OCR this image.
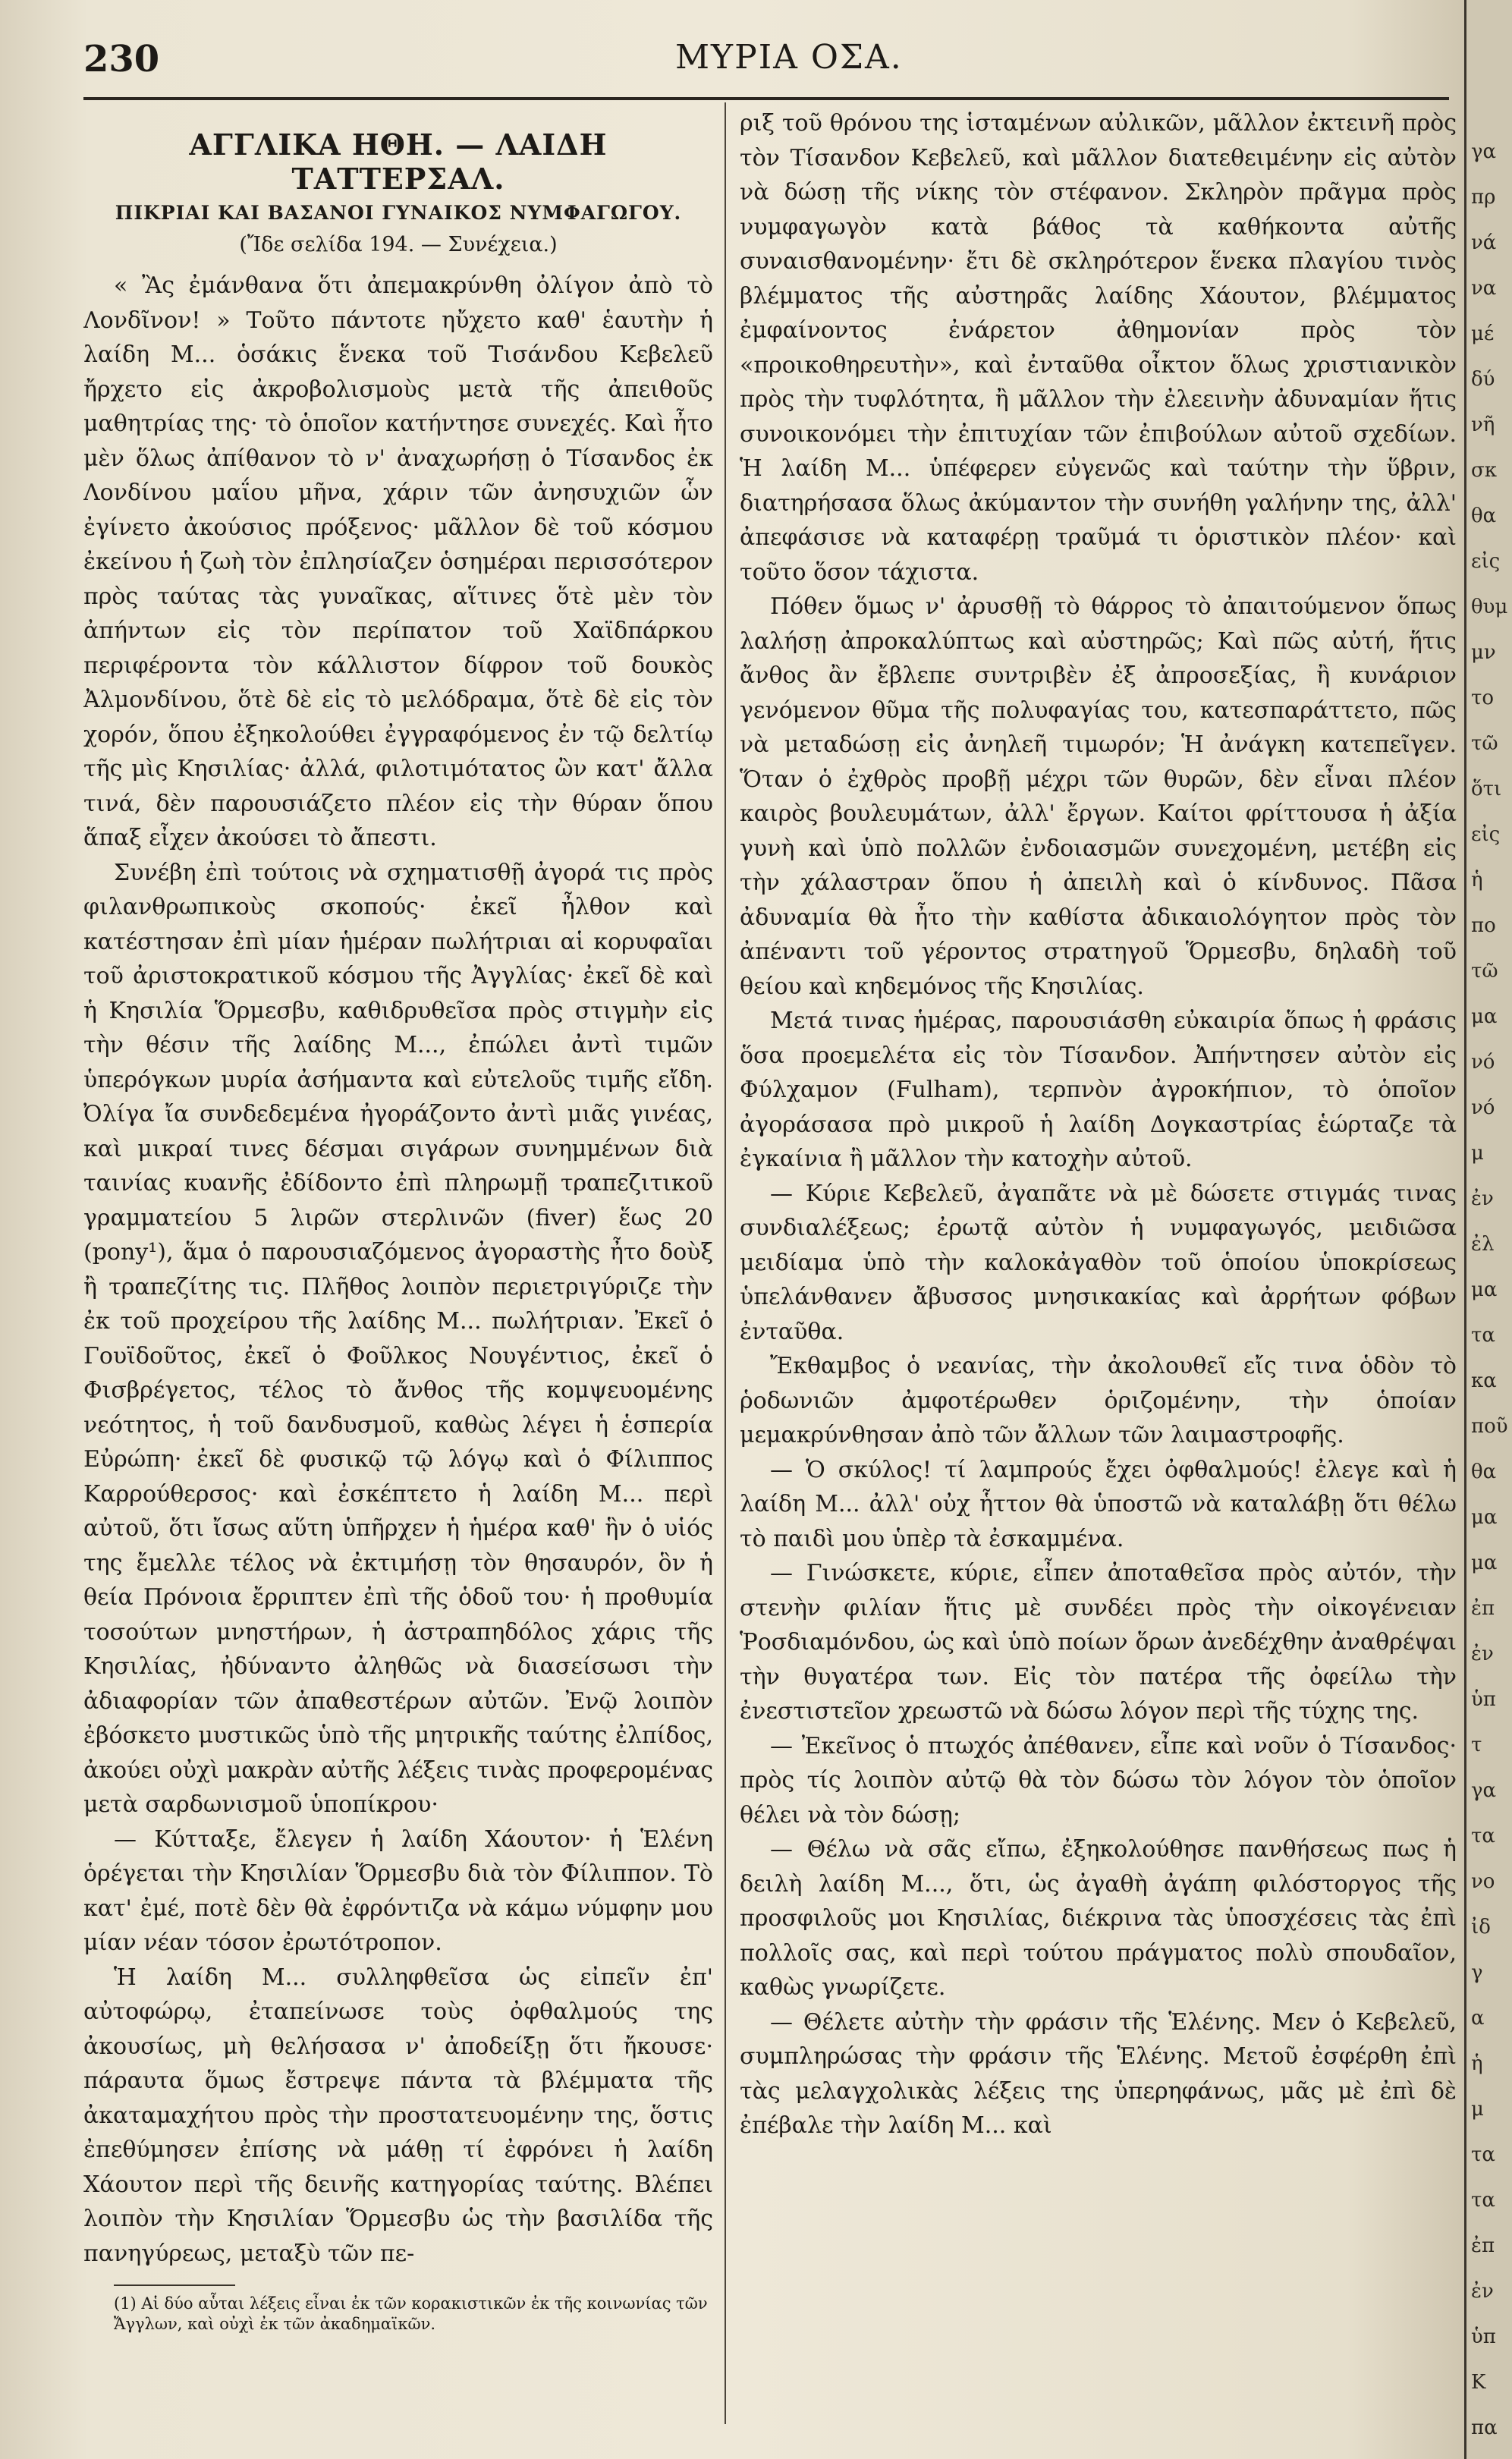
230	ΜΥΡΙΑ ΟΣΑ.
ΑΓΓΛΙΚΑ ΗΘΗ. — ΛΑΙΔΗ ΤΑΤΤΕΡΣΑΛ.
ΠΙΚΡΙΑΙ ΚΑΙ ΒΑΣΑΝΟΙ ΓΥΝΑΙΚΟΣ ΝΥΜΦΑΓΩΓΟΥ.
(Ἴδε σελίδα 194. — Συνέχεια.)

« Ἂς ἐμάνθανα ὅτι ἀπεμακρύνθη ὀλίγον ἀπὸ τὸ Λονδῖνον! » Τοῦτο πάντοτε ηὔχετο καθ' ἑαυτὴν ἡ λαίδη Μ... ὁσάκις ἕνεκα τοῦ Τισάνδου Κεβελεῦ ἤρχετο εἰς ἀκροβολισμοὺς μετὰ τῆς ἀπειθοῦς μαθητρίας της· τὸ ὁποῖον κατήντησε συνεχές. Καὶ ἦτο μὲν ὅλως ἀπίθανον τὸ ν' ἀναχωρήσῃ ὁ Τίσανδος ἐκ Λονδίνου μαΐου μῆνα, χάριν τῶν ἀνησυχιῶν ὧν ἐγίνετο ἀκούσιος πρόξενος· μᾶλλον δὲ τοῦ κόσμου ἐκείνου ἡ ζωὴ τὸν ἐπλησίαζεν ὁσημέραι περισσότερον πρὸς ταύτας τὰς γυναῖκας, αἵτινες ὅτὲ μὲν τὸν ἀπήντων εἰς τὸν περίπατον τοῦ Χαϊδπάρκου περιφέροντα τὸν κάλλιστον δίφρον τοῦ δουκὸς Ἀλμονδίνου, ὅτὲ δὲ εἰς τὸ μελόδραμα, ὅτὲ δὲ εἰς τὸν χορόν, ὅπου ἐξηκολούθει ἐγγραφόμενος ἐν τῷ δελτίῳ τῆς μὶς Κησιλίας· ἀλλά, φιλοτιμότατος ὢν κατ' ἄλλα τινά, δὲν παρουσιάζετο πλέον εἰς τὴν θύραν ὅπου ἅπαξ εἶχεν ἀκούσει τὸ ἄπεστι.

Συνέβη ἐπὶ τούτοις νὰ σχηματισθῇ ἀγορά τις πρὸς φιλανθρωπικοὺς σκοπούς· ἐκεῖ ἦλθον καὶ κατέστησαν ἐπὶ μίαν ἡμέραν πωλήτριαι αἱ κορυφαῖαι τοῦ ἀριστοκρατικοῦ κόσμου τῆς Ἀγγλίας· ἐκεῖ δὲ καὶ ἡ Κησιλία Ὅρμεσβυ, καθιδρυθεῖσα πρὸς στιγμὴν εἰς τὴν θέσιν τῆς λαίδης Μ..., ἐπώλει ἀντὶ τιμῶν ὑπερόγκων μυρία ἀσήμαντα καὶ εὐτελοῦς τιμῆς εἴδη. Ὀλίγα ἴα συνδεδεμένα ἠγοράζοντο ἀντὶ μιᾶς γινέας, καὶ μικραί τινες δέσμαι σιγάρων συνημμένων διὰ ταινίας κυανῆς ἐδίδοντο ἐπὶ πληρωμῇ τραπεζιτικοῦ γραμματείου 5 λιρῶν στερλινῶν (fiver) ἕως 20 (pony¹), ἅμα ὁ παρουσιαζόμενος ἀγοραστὴς ἦτο δοὺξ ἢ τραπεζίτης τις. Πλῆθος λοιπὸν περιετριγύριζε τὴν ἐκ τοῦ προχείρου τῆς λαίδης Μ... πωλήτριαν. Ἐκεῖ ὁ Γουϊδοῦτος, ἐκεῖ ὁ Φοῦλκος Νουγέντιος, ἐκεῖ ὁ Φισβρέγετος, τέλος τὸ ἄνθος τῆς κομψευομένης νεότητος, ἡ τοῦ δανδυσμοῦ, καθὼς λέγει ἡ ἑσπερία Εὐρώπη· ἐκεῖ δὲ φυσικῷ τῷ λόγῳ καὶ ὁ Φίλιππος Καρρούθερσος· καὶ ἐσκέπτετο ἡ λαίδη Μ... περὶ αὐτοῦ, ὅτι ἴσως αὕτη ὑπῆρχεν ἡ ἡμέρα καθ' ἣν ὁ υἱός της ἔμελλε τέλος νὰ ἐκτιμήσῃ τὸν θησαυρόν, ὃν ἡ θεία Πρόνοια ἔρριπτεν ἐπὶ τῆς ὁδοῦ του· ἡ προθυμία τοσούτων μνηστήρων, ἡ ἀστραπηδόλος χάρις τῆς Κησιλίας, ἠδύναντο ἀληθῶς νὰ διασείσωσι τὴν ἀδιαφορίαν τῶν ἀπαθεστέρων αὐτῶν. Ἐνῷ λοιπὸν ἐβόσκετο μυστικῶς ὑπὸ τῆς μητρικῆς ταύτης ἐλπίδος, ἀκούει οὐχὶ μακρὰν αὐτῆς λέξεις τινὰς προφερομένας μετὰ σαρδωνισμοῦ ὑποπίκρου·

— Κύτταξε, ἔλεγεν ἡ λαίδη Χάουτον· ἡ Ἑλένη ὁρέγεται τὴν Κησιλίαν Ὅρμεσβυ διὰ τὸν Φίλιππον. Τὸ κατ' ἐμέ, ποτὲ δὲν θὰ ἐφρόντιζα νὰ κάμω νύμφην μου μίαν νέαν τόσον ἐρωτότροπον.

Ἡ λαίδη Μ... συλληφθεῖσα ὡς εἰπεῖν ἐπ' αὐτοφώρῳ, ἐταπείνωσε τοὺς ὀφθαλμούς της ἀκουσίως, μὴ θελήσασα ν' ἀποδείξῃ ὅτι ἤκουσε· πάραυτα ὅμως ἔστρεψε πάντα τὰ βλέμματα τῆς ἀκαταμαχήτου πρὸς τὴν προστατευομένην της, ὅστις ἐπεθύμησεν ἐπίσης νὰ μάθῃ τί ἐφρόνει ἡ λαίδη Χάουτον περὶ τῆς δεινῆς κατηγορίας ταύτης. Βλέπει λοιπὸν τὴν Κησιλίαν Ὅρμεσβυ ὡς τὴν βασιλίδα τῆς πανηγύρεως, μεταξὺ τῶν πε-

(1) Αἱ δύο αὗται λέξεις εἶναι ἐκ τῶν κορακιστικῶν ἐκ τῆς κοινωνίας τῶν Ἄγγλων, καὶ οὐχὶ ἐκ τῶν ἀκαδημαϊκῶν.

ριξ τοῦ θρόνου της ἱσταμένων αὐλικῶν, μᾶλλον ἐκτεινῆ πρὸς τὸν Τίσανδον Κεβελεῦ, καὶ μᾶλλον διατεθειμένην εἰς αὐτὸν νὰ δώσῃ τῆς νίκης τὸν στέφανον. Σκληρὸν πρᾶγμα πρὸς νυμφαγωγὸν κατὰ βάθος τὰ καθήκοντα αὐτῆς συναισθανομένην· ἔτι δὲ σκληρότερον ἕνεκα πλαγίου τινὸς βλέμματος τῆς αὐστηρᾶς λαίδης Χάουτον, βλέμματος ἐμφαίνοντος ἐνάρετον ἀθημονίαν πρὸς τὸν «προικοθηρευτὴν», καὶ ἐνταῦθα οἶκτον ὅλως χριστιανικὸν πρὸς τὴν τυφλότητα, ἢ μᾶλλον τὴν ἐλεεινὴν ἀδυναμίαν ἥτις συνοικονόμει τὴν ἐπιτυχίαν τῶν ἐπιβούλων αὐτοῦ σχεδίων. Ἡ λαίδη Μ... ὑπέφερεν εὐγενῶς καὶ ταύτην τὴν ὕβριν, διατηρήσασα ὅλως ἀκύμαντον τὴν συνήθη γαλήνην της, ἀλλ' ἀπεφάσισε νὰ καταφέρῃ τραῦμά τι ὁριστικὸν πλέον· καὶ τοῦτο ὅσον τάχιστα.

Πόθεν ὅμως ν' ἀρυσθῇ τὸ θάρρος τὸ ἀπαιτούμενον ὅπως λαλήσῃ ἀπροκαλύπτως καὶ αὐστηρῶς; Καὶ πῶς αὐτή, ἥτις ἄνθος ἂν ἔβλεπε συντριβὲν ἐξ ἀπροσεξίας, ἢ κυνάριον γενόμενον θῦμα τῆς πολυφαγίας του, κατεσπαράττετο, πῶς νὰ μεταδώσῃ εἰς ἀνηλεῆ τιμωρόν; Ἡ ἀνάγκη κατεπεῖγεν. Ὅταν ὁ ἐχθρὸς προβῇ μέχρι τῶν θυρῶν, δὲν εἶναι πλέον καιρὸς βουλευμάτων, ἀλλ' ἔργων. Καίτοι φρίττουσα ἡ ἀξία γυνὴ καὶ ὑπὸ πολλῶν ἐνδοιασμῶν συνεχομένη, μετέβη εἰς τὴν χάλαστραν ὅπου ἡ ἀπειλὴ καὶ ὁ κίνδυνος. Πᾶσα ἀδυναμία θὰ ἦτο τὴν καθίστα ἀδικαιολόγητον πρὸς τὸν ἀπέναντι τοῦ γέροντος στρατηγοῦ Ὅρμεσβυ, δηλαδὴ τοῦ θείου καὶ κηδεμόνος τῆς Κησιλίας.

Μετά τινας ἡμέρας, παρουσιάσθη εὐκαιρία ὅπως ἡ φράσις ὅσα προεμελέτα εἰς τὸν Τίσανδον. Ἀπήντησεν αὐτὸν εἰς Φύλχαμον (Fulham), τερπνὸν ἀγροκήπιον, τὸ ὁποῖον ἀγοράσασα πρὸ μικροῦ ἡ λαίδη Δογκαστρίας ἑώρταζε τὰ ἐγκαίνια ἢ μᾶλλον τὴν κατοχὴν αὐτοῦ.

— Κύριε Κεβελεῦ, ἀγαπᾶτε νὰ μὲ δώσετε στιγμάς τινας συνδιαλέξεως; ἐρωτᾷ αὐτὸν ἡ νυμφαγωγός, μειδιῶσα μειδίαμα ὑπὸ τὴν καλοκἀγαθὸν τοῦ ὁποίου ὑποκρίσεως ὑπελάνθανεν ἄβυσσος μνησικακίας καὶ ἀρρήτων φόβων ἐνταῦθα.

Ἔκθαμβος ὁ νεανίας, τὴν ἀκολουθεῖ εἴς τινα ὁδὸν τὸ ῥοδωνιῶν ἀμφοτέρωθεν ὁριζομένην, τὴν ὁποίαν μεμακρύνθησαν ἀπὸ τῶν ἄλλων τῶν λαιμαστροφῆς.

— Ὁ σκύλος! τί λαμπρούς ἔχει ὀφθαλμούς! ἐλεγε καὶ ἡ λαίδη Μ... ἀλλ' οὐχ ἧττον θὰ ὑποστῶ νὰ καταλάβῃ ὅτι θέλω τὸ παιδὶ μου ὑπὲρ τὰ ἐσκαμμένα.

— Γινώσκετε, κύριε, εἶπεν ἀποταθεῖσα πρὸς αὐτόν, τὴν στενὴν φιλίαν ἥτις μὲ συνδέει πρὸς τὴν οἰκογένειαν Ῥοσδιαμόνδου, ὡς καὶ ὑπὸ ποίων ὅρων ἀνεδέχθην ἀναθρέψαι τὴν θυγατέρα των. Εἰς τὸν πατέρα τῆς ὀφείλω τὴν ἐνεστιστεῖον χρεωστῶ νὰ δώσω λόγον περὶ τῆς τύχης της.

— Ἐκεῖνος ὁ πτωχός ἀπέθανεν, εἶπε καὶ νοῦν ὁ Τίσανδος· πρὸς τίς λοιπὸν αὐτῷ θὰ τὸν δώσω τὸν λόγον τὸν ὁποῖον θέλει νὰ τὸν δώσῃ;

— Θέλω νὰ σᾶς εἴπω, ἐξηκολούθησε πανθήσεως πως ἡ δειλὴ λαίδη Μ..., ὅτι, ὡς ἀγαθὴ ἀγάπη φιλόστοργος τῆς προσφιλοῦς μοι Κησιλίας, διέκρινα τὰς ὑποσχέσεις τὰς ἐπὶ πολλοῖς σας, καὶ περὶ τούτου πράγματος πολὺ σπουδαῖον, καθὼς γνωρίζετε.

— Θέλετε αὐτὴν τὴν φράσιν τῆς Ἑλένης. Μεν ὁ Κεβελεῦ, συμπληρώσας τὴν φράσιν τῆς Ἑλένης. Μετοῦ ἐσφέρθη ἐπὶ τὰς μελαγχολικὰς λέξεις της ὑπερηφάνως, μᾶς μὲ ἐπὶ δὲ ἐπέβαλε τὴν λαίδη Μ... καὶ

γα
πρ
νά
να
μέ
δύ
νῆ
σκ
θα
εἰς
θυμ
μν
το
τῶ
ὅτι
εἰς
ἡ
πο
τῶ
μα
νό
νό
μ
ἐν
ἐλ
μα
τα
κα
ποῦ
θα
μα
μα
ἐπ
ἐν
ὑπ
τ
γα
τα
νο
ἰδ
γ
α
ἡ
μ
τα
τα
ἐπ
ἐν
ὑπ
Κ
πα
